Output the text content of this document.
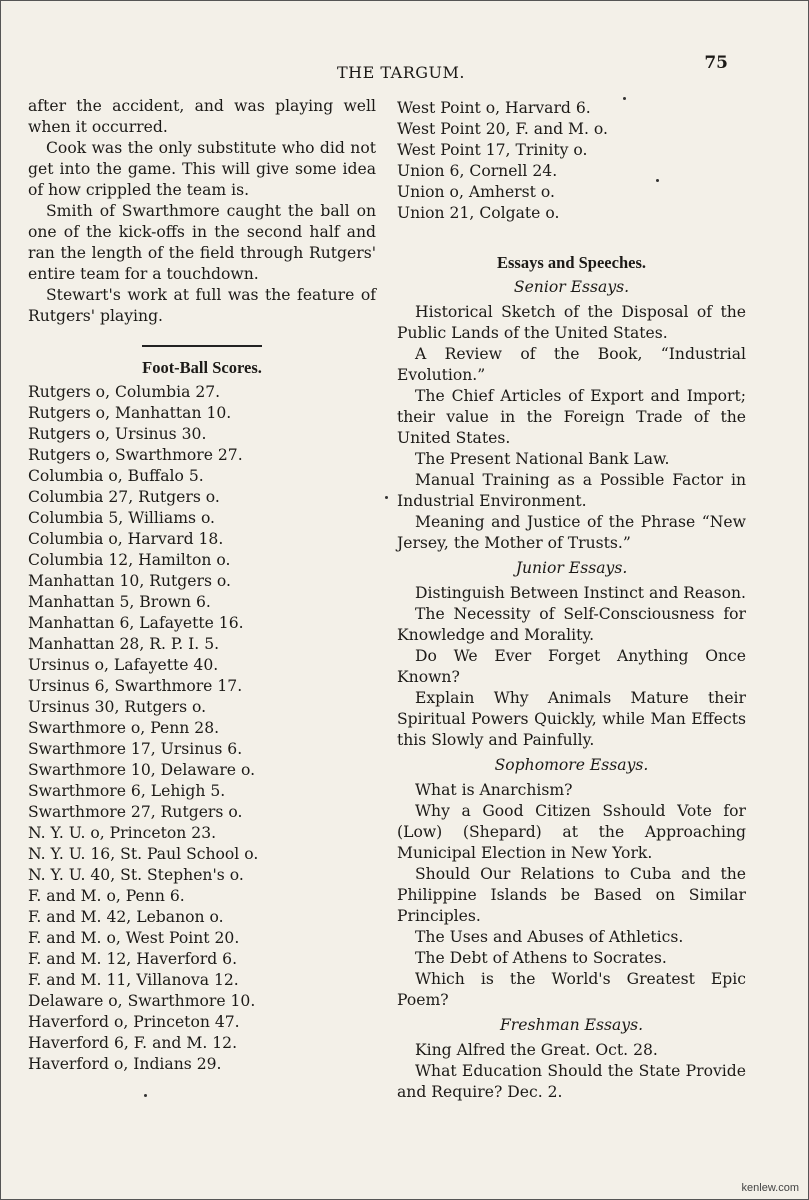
THE TARGUM.	75

after the accident, and was playing well when it occurred.

Cook was the only substitute who did not get into the game. This will give some idea of how crippled the team is.

Smith of Swarthmore caught the ball on one of the kick-offs in the second half and ran the length of the field through Rutgers' entire team for a touchdown.

Stewart's work at full was the feature of Rutgers' playing.

Foot-Ball Scores.
Rutgers o, Columbia 27.
Rutgers o, Manhattan 10.
Rutgers o, Ursinus 30.
Rutgers o, Swarthmore 27.
Columbia o, Buffalo 5.
Columbia 27, Rutgers o.
Columbia 5, Williams o.
Columbia o, Harvard 18.
Columbia 12, Hamilton o.
Manhattan 10, Rutgers o.
Manhattan 5, Brown 6.
Manhattan 6, Lafayette 16.
Manhattan 28, R. P. I. 5.
Ursinus o, Lafayette 40.
Ursinus 6, Swarthmore 17.
Ursinus 30, Rutgers o.
Swarthmore o, Penn 28.
Swarthmore 17, Ursinus 6.
Swarthmore 10, Delaware o.
Swarthmore 6, Lehigh 5.
Swarthmore 27, Rutgers o.
N. Y. U. o, Princeton 23.
N. Y. U. 16, St. Paul School o.
N. Y. U. 40, St. Stephen's o.
F. and M. o, Penn 6.
F. and M. 42, Lebanon o.
F. and M. o, West Point 20.
F. and M. 12, Haverford 6.
F. and M. 11, Villanova 12.
Delaware o, Swarthmore 10.
Haverford o, Princeton 47.
Haverford 6, F. and M. 12.
Haverford o, Indians 29.
West Point o, Harvard 6.
West Point 20, F. and M. o.
West Point 17, Trinity o.
Union 6, Cornell 24.
Union o, Amherst o.
Union 21, Colgate o.
Essays and Speeches.
Senior Essays.

Historical Sketch of the Disposal of the Public Lands of the United States.

A Review of the Book, “Industrial Evolution.”

The Chief Articles of Export and Import; their value in the Foreign Trade of the United States.

The Present National Bank Law.

Manual Training as a Possible Factor in Industrial Environment.

Meaning and Justice of the Phrase “New Jersey, the Mother of Trusts.”

Junior Essays.

Distinguish Between Instinct and Reason.

The Necessity of Self-Consciousness for Knowledge and Morality.

Do We Ever Forget Anything Once Known?

Explain Why Animals Mature their Spiritual Powers Quickly, while Man Effects this Slowly and Painfully.

Sophomore Essays.

What is Anarchism?

Why a Good Citizen Sshould Vote for (Low) (Shepard) at the Approaching Municipal Election in New York.

Should Our Relations to Cuba and the Philippine Islands be Based on Similar Principles.

The Uses and Abuses of Athletics.

The Debt of Athens to Socrates.

Which is the World's Greatest Epic Poem?

Freshman Essays.

King Alfred the Great. Oct. 28.

What Education Should the State Provide and Require? Dec. 2.

kenlew.com
